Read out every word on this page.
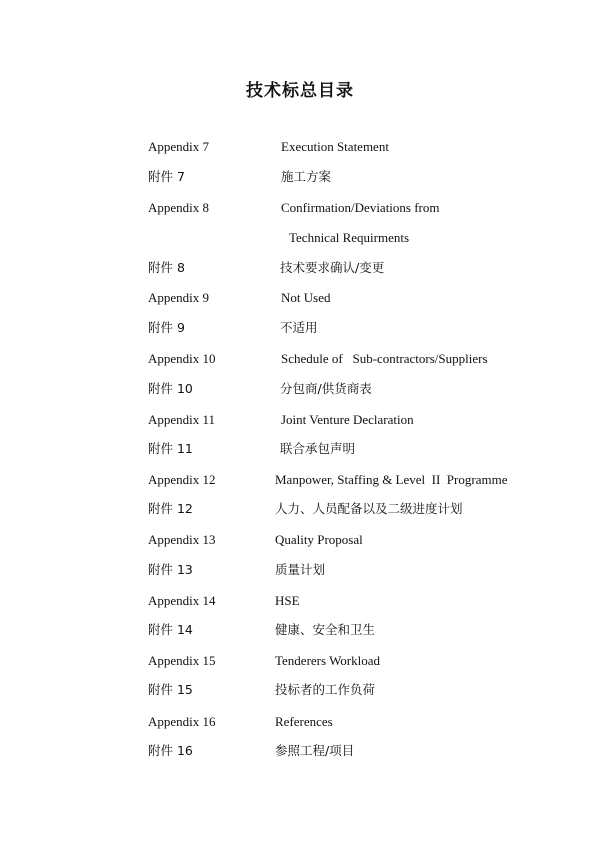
技术标总目录
Appendix 7	Execution Statement
附件 7	施工方案
Appendix 8	Confirmation/Deviations from
Technical Requirments
附件 8	技术要求确认/变更
Appendix 9	Not Used
附件 9	不适用
Appendix 10	Schedule of   Sub-contractors/Suppliers
附件 10	分包商/供货商表
Appendix 11	Joint Venture Declaration
附件 11	联合承包声明
Appendix 12	Manpower, Staffing & Level  II  Programme
附件 12	人力、人员配备以及二级进度计划
Appendix 13	Quality Proposal
附件 13	质量计划
Appendix 14	HSE
附件 14	健康、安全和卫生
Appendix 15	Tenderers Workload
附件 15	投标者的工作负荷
Appendix 16	References
附件 16	参照工程/项目
